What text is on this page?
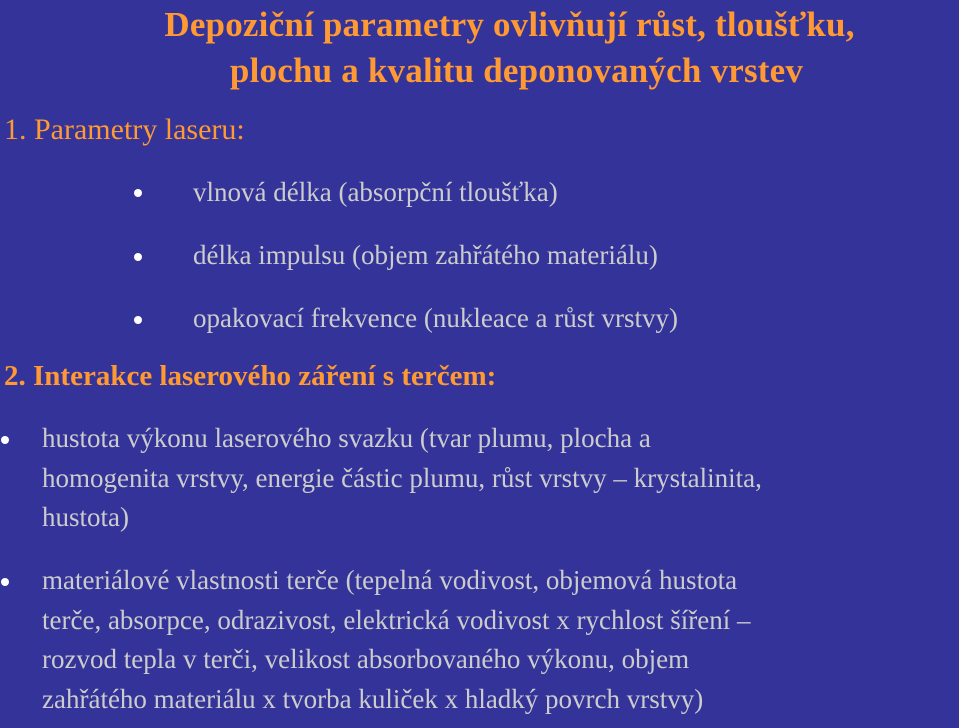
Depoziční parametry ovlivňují růst, tloušťku,
plochu a kvalitu deponovaných vrstev
1. Parametry laseru:
vlnová délka (absorpční tloušťka)
délka impulsu (objem zahřátého materiálu)
opakovací frekvence (nukleace a růst vrstvy)
2. Interakce laserového záření s terčem:
hustota výkonu laserového svazku (tvar plumu, plocha a
homogenita vrstvy, energie částic plumu, růst vrstvy – krystalinita,
hustota)
materiálové vlastnosti terče (tepelná vodivost, objemová hustota
terče, absorpce, odrazivost, elektrická vodivost x rychlost šíření –
rozvod tepla v terči, velikost absorbovaného výkonu, objem
zahřátého materiálu x tvorba kuliček x hladký povrch vrstvy)
